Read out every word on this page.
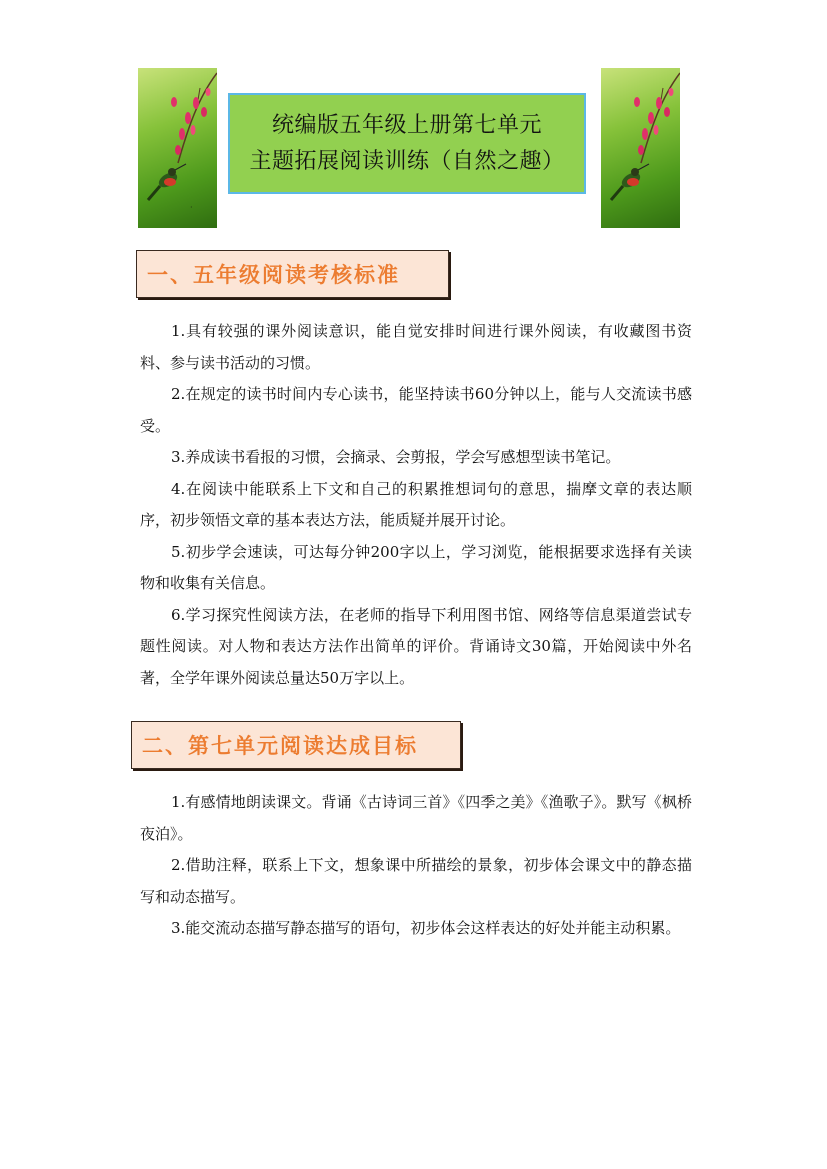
·
统编版五年级上册第七单元
主题拓展阅读训练（自然之趣）
一、五年级阅读考核标准

1.具有较强的课外阅读意识，能自觉安排时间进行课外阅读，有收藏图书资料、参与读书活动的习惯。

2.在规定的读书时间内专心读书，能坚持读书60分钟以上，能与人交流读书感受。

3.养成读书看报的习惯，会摘录、会剪报，学会写感想型读书笔记。

4.在阅读中能联系上下文和自己的积累推想词句的意思，揣摩文章的表达顺序，初步领悟文章的基本表达方法，能质疑并展开讨论。

5.初步学会速读，可达每分钟200字以上，学习浏览，能根据要求选择有关读物和收集有关信息。

6.学习探究性阅读方法，在老师的指导下利用图书馆、网络等信息渠道尝试专题性阅读。对人物和表达方法作出简单的评价。背诵诗文30篇，开始阅读中外名著，全学年课外阅读总量达50万字以上。

二、第七单元阅读达成目标

1.有感情地朗读课文。背诵《古诗词三首》《四季之美》《渔歌子》。默写《枫桥夜泊》。

2.借助注释，联系上下文，想象课中所描绘的景象，初步体会课文中的静态描写和动态描写。

3.能交流动态描写静态描写的语句，初步体会这样表达的好处并能主动积累。
